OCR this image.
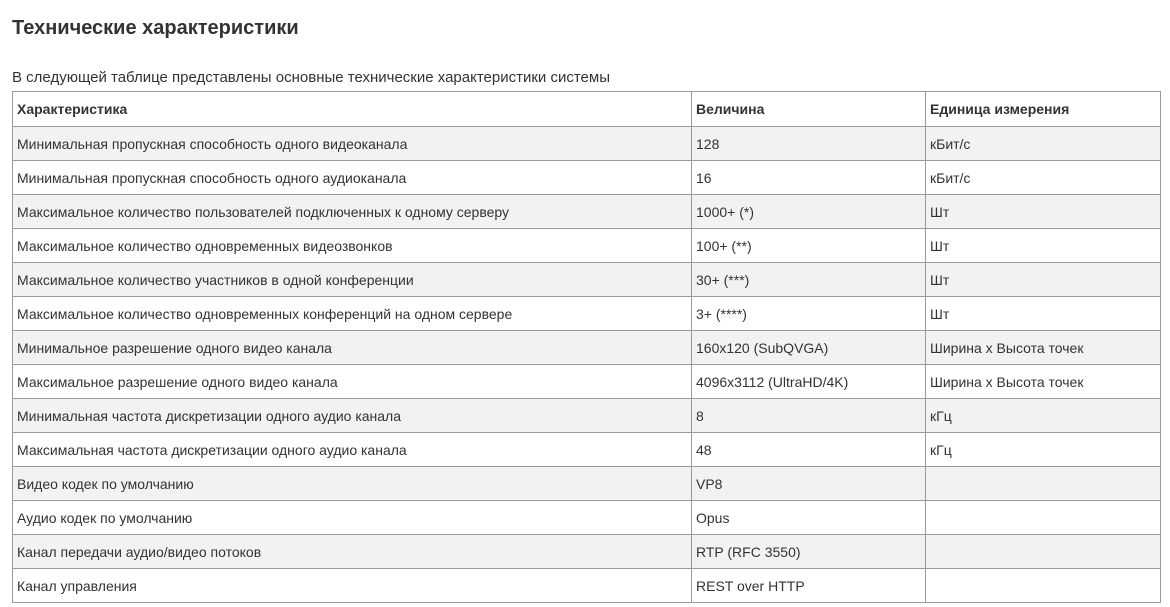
Технические характеристики

В следующей таблице представлены основные технические характеристики системы

Характеристика	Величина	Единица измерения
Минимальная пропускная способность одного видеоканала	128	кБит/с
Минимальная пропускная способность одного аудиоканала	16	кБит/с
Максимальное количество пользователей подключенных к одному серверу	1000+ (*)	Шт
Максимальное количество одновременных видеозвонков	100+ (**)	Шт
Максимальное количество участников в одной конференции	30+ (***)	Шт
Максимальное количество одновременных конференций на одном сервере	3+ (****)	Шт
Минимальное разрешение одного видео канала	160x120 (SubQVGA)	Ширина x Высота точек
Максимальное разрешение одного видео канала	4096x3112 (UltraHD/4K)	Ширина x Высота точек
Минимальная частота дискретизации одного аудио канала	8	кГц
Максимальная частота дискретизации одного аудио канала	48	кГц
Видео кодек по умолчанию	VP8	
Аудио кодек по умолчанию	Opus	
Канал передачи аудио/видео потоков	RTP (RFC 3550)	
Канал управления	REST over HTTP	
